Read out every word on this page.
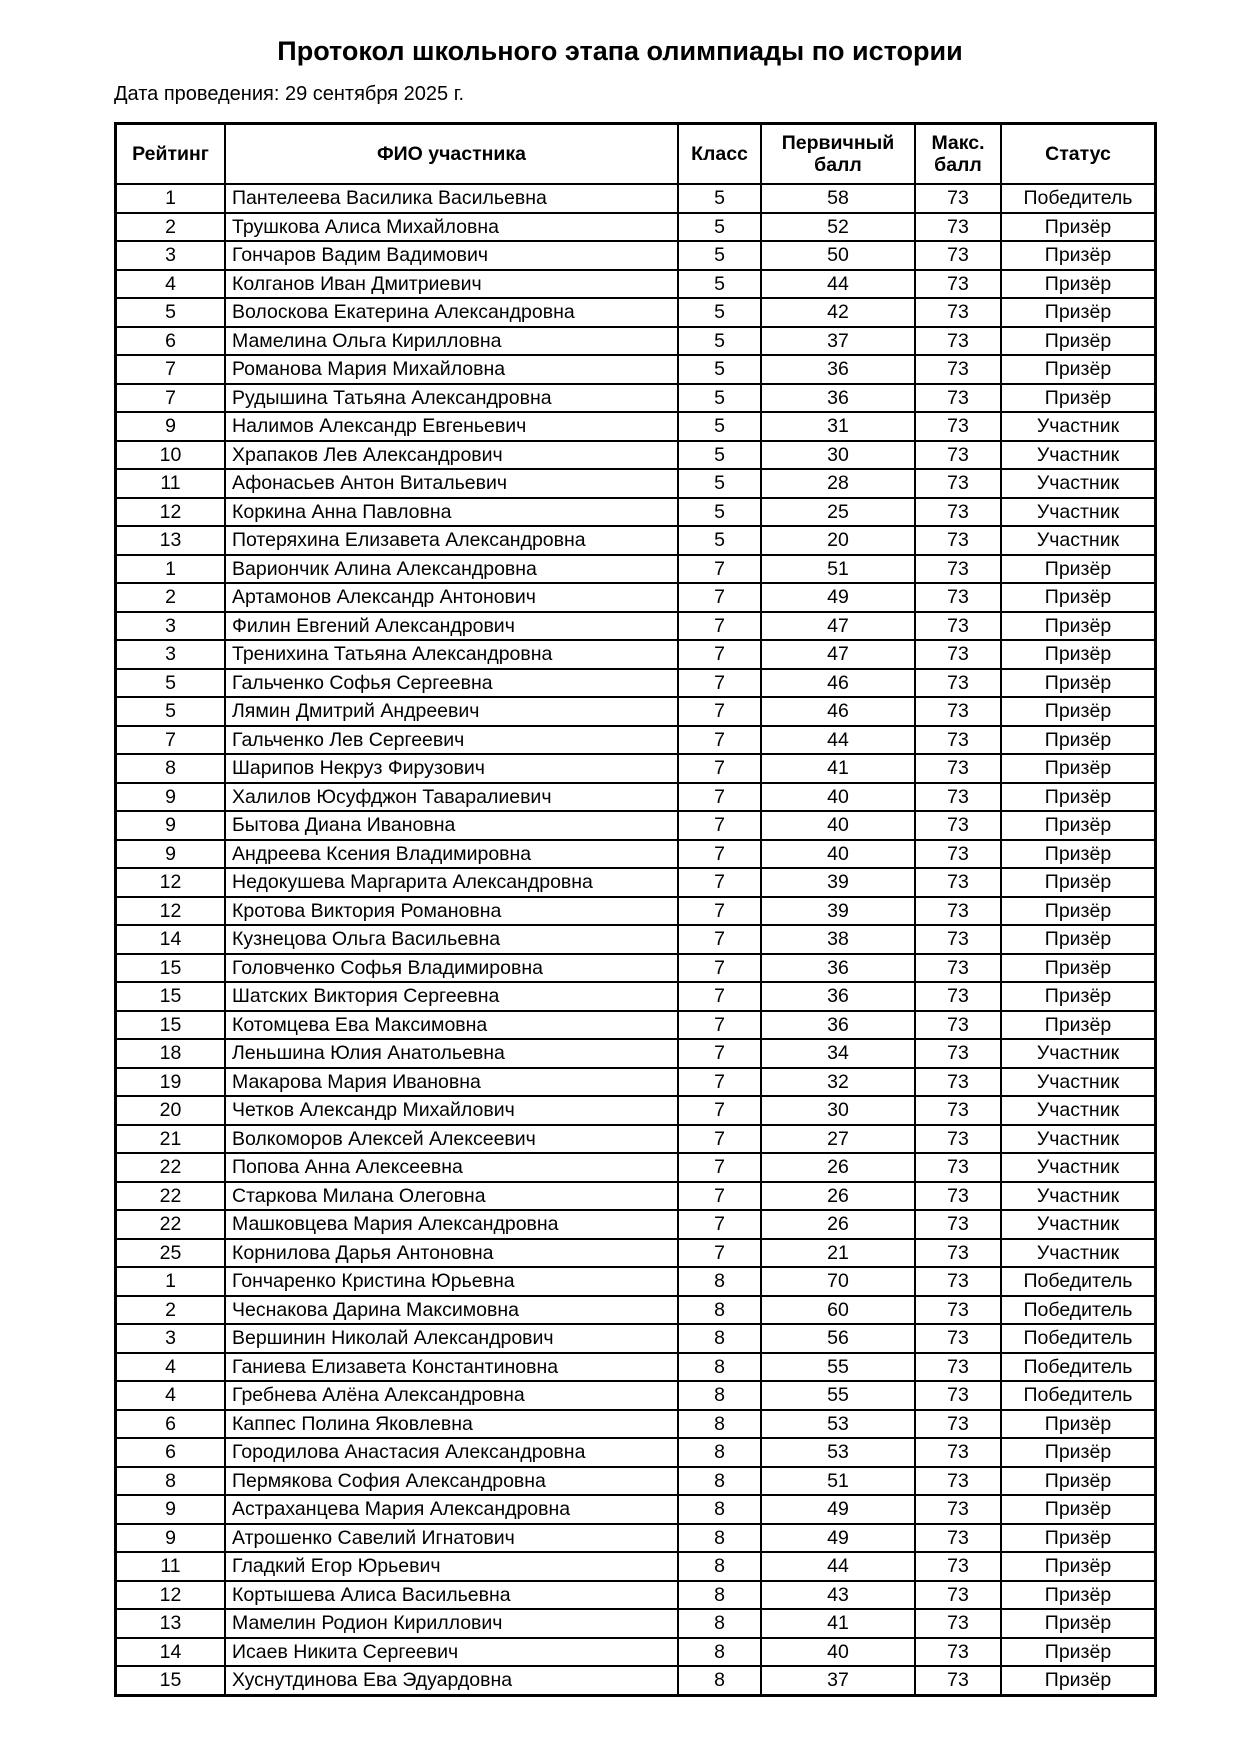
Протокол школьного этапа олимпиады по истории
Дата проведения: 29 сентября 2025 г.
Рейтинг	ФИО участника	Класс	Первичный балл	Макс. балл	Статус
1	Пантелеева Василика Васильевна	5	58	73	Победитель
2	Трушкова Алиса Михайловна	5	52	73	Призёр
3	Гончаров Вадим Вадимович	5	50	73	Призёр
4	Колганов Иван Дмитриевич	5	44	73	Призёр
5	Волоскова Екатерина Александровна	5	42	73	Призёр
6	Мамелина Ольга Кирилловна	5	37	73	Призёр
7	Романова Мария Михайловна	5	36	73	Призёр
7	Рудышина Татьяна Александровна	5	36	73	Призёр
9	Налимов Александр Евгеньевич	5	31	73	Участник
10	Храпаков Лев Александрович	5	30	73	Участник
11	Афонасьев Антон Витальевич	5	28	73	Участник
12	Коркина Анна Павловна	5	25	73	Участник
13	Потеряхина Елизавета Александровна	5	20	73	Участник
1	Вариончик Алина Александровна	7	51	73	Призёр
2	Артамонов Александр Антонович	7	49	73	Призёр
3	Филин Евгений Александрович	7	47	73	Призёр
3	Тренихина Татьяна Александровна	7	47	73	Призёр
5	Гальченко Софья Сергеевна	7	46	73	Призёр
5	Лямин Дмитрий Андреевич	7	46	73	Призёр
7	Гальченко Лев Сергеевич	7	44	73	Призёр
8	Шарипов Некруз Фирузович	7	41	73	Призёр
9	Халилов Юсуфджон Таваралиевич	7	40	73	Призёр
9	Бытова Диана Ивановна	7	40	73	Призёр
9	Андреева Ксения Владимировна	7	40	73	Призёр
12	Недокушева Маргарита Александровна	7	39	73	Призёр
12	Кротова Виктория Романовна	7	39	73	Призёр
14	Кузнецова Ольга Васильевна	7	38	73	Призёр
15	Головченко Софья Владимировна	7	36	73	Призёр
15	Шатских Виктория Сергеевна	7	36	73	Призёр
15	Котомцева Ева Максимовна	7	36	73	Призёр
18	Леньшина Юлия Анатольевна	7	34	73	Участник
19	Макарова Мария Ивановна	7	32	73	Участник
20	Четков Александр Михайлович	7	30	73	Участник
21	Волкоморов Алексей Алексеевич	7	27	73	Участник
22	Попова Анна Алексеевна	7	26	73	Участник
22	Старкова Милана Олеговна	7	26	73	Участник
22	Машковцева Мария Александровна	7	26	73	Участник
25	Корнилова Дарья Антоновна	7	21	73	Участник
1	Гончаренко Кристина Юрьевна	8	70	73	Победитель
2	Чеснакова Дарина Максимовна	8	60	73	Победитель
3	Вершинин Николай Александрович	8	56	73	Победитель
4	Ганиева Елизавета Константиновна	8	55	73	Победитель
4	Гребнева Алёна Александровна	8	55	73	Победитель
6	Каппес Полина Яковлевна	8	53	73	Призёр
6	Городилова Анастасия Александровна	8	53	73	Призёр
8	Пермякова София Александровна	8	51	73	Призёр
9	Астраханцева Мария Александровна	8	49	73	Призёр
9	Атрошенко Савелий Игнатович	8	49	73	Призёр
11	Гладкий Егор Юрьевич	8	44	73	Призёр
12	Кортышева Алиса Васильевна	8	43	73	Призёр
13	Мамелин Родион Кириллович	8	41	73	Призёр
14	Исаев Никита Сергеевич	8	40	73	Призёр
15	Хуснутдинова Ева Эдуардовна	8	37	73	Призёр
